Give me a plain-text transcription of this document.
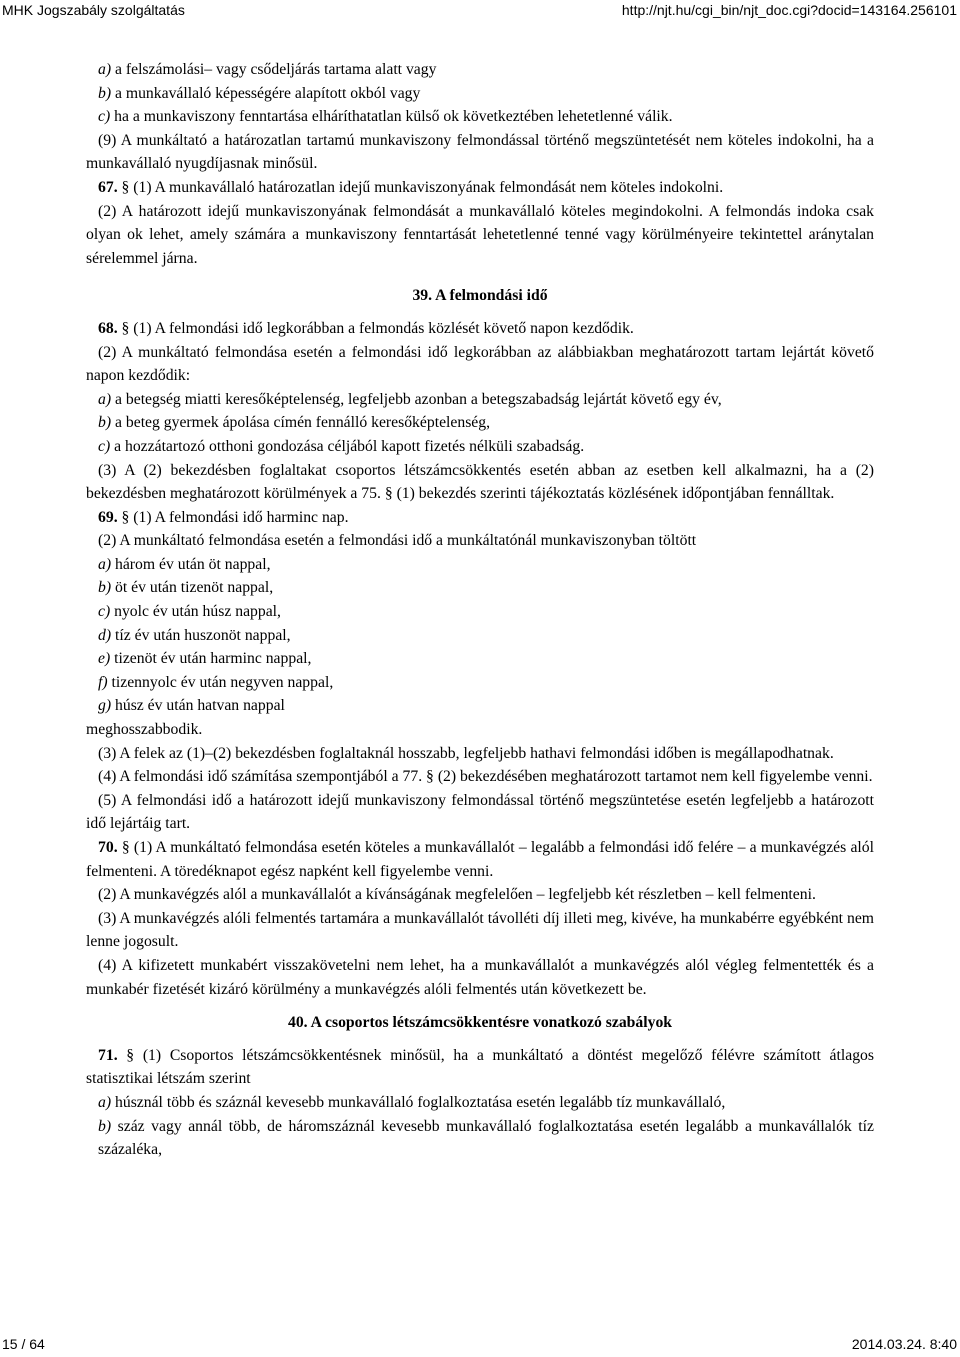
MHK Jogszabály szolgáltatás	http://njt.hu/cgi_bin/njt_doc.cgi?docid=143164.256101

a) a felszámolási– vagy csődeljárás tartama alatt vagy

b) a munkavállaló képességére alapított okból vagy

c) ha a munkaviszony fenntartása elháríthatatlan külső ok következtében lehetetlenné válik.

(9) A munkáltató a határozatlan tartamú munkaviszony felmondással történő megszüntetését nem köteles indokolni, ha a munkavállaló nyugdíjasnak minősül.

67. § (1) A munkavállaló határozatlan idejű munkaviszonyának felmondását nem köteles indokolni.

(2) A határozott idejű munkaviszonyának felmondását a munkavállaló köteles megindokolni. A felmondás indoka csak olyan ok lehet, amely számára a munkaviszony fenntartását lehetetlenné tenné vagy körülményeire tekintettel aránytalan sérelemmel járna.

39. A felmondási idő

68. § (1) A felmondási idő legkorábban a felmondás közlését követő napon kezdődik.

(2) A munkáltató felmondása esetén a felmondási idő legkorábban az alábbiakban meghatározott tartam lejártát követő napon kezdődik:

a) a betegség miatti keresőképtelenség, legfeljebb azonban a betegszabadság lejártát követő egy év,

b) a beteg gyermek ápolása címén fennálló keresőképtelenség,

c) a hozzátartozó otthoni gondozása céljából kapott fizetés nélküli szabadság.

(3) A (2) bekezdésben foglaltakat csoportos létszámcsökkentés esetén abban az esetben kell alkalmazni, ha a (2) bekezdésben meghatározott körülmények a 75. § (1) bekezdés szerinti tájékoztatás közlésének időpontjában fennálltak.

69. § (1) A felmondási idő harminc nap.

(2) A munkáltató felmondása esetén a felmondási idő a munkáltatónál munkaviszonyban töltött

a) három év után öt nappal,

b) öt év után tizenöt nappal,

c) nyolc év után húsz nappal,

d) tíz év után huszonöt nappal,

e) tizenöt év után harminc nappal,

f) tizennyolc év után negyven nappal,

g) húsz év után hatvan nappal

meghosszabbodik.

(3) A felek az (1)–(2) bekezdésben foglaltaknál hosszabb, legfeljebb hathavi felmondási időben is megállapodhatnak.

(4) A felmondási idő számítása szempontjából a 77. § (2) bekezdésében meghatározott tartamot nem kell figyelembe venni.

(5) A felmondási idő a határozott idejű munkaviszony felmondással történő megszüntetése esetén legfeljebb a határozott idő lejártáig tart.

70. § (1) A munkáltató felmondása esetén köteles a munkavállalót – legalább a felmondási idő felére – a munkavégzés alól felmenteni. A töredéknapot egész napként kell figyelembe venni.

(2) A munkavégzés alól a munkavállalót a kívánságának megfelelően – legfeljebb két részletben – kell felmenteni.

(3) A munkavégzés alóli felmentés tartamára a munkavállalót távolléti díj illeti meg, kivéve, ha munkabérre egyébként nem lenne jogosult.

(4) A kifizetett munkabért visszakövetelni nem lehet, ha a munkavállalót a munkavégzés alól végleg felmentették és a munkabér fizetését kizáró körülmény a munkavégzés alóli felmentés után következett be.

40. A csoportos létszámcsökkentésre vonatkozó szabályok

71. § (1) Csoportos létszámcsökkentésnek minősül, ha a munkáltató a döntést megelőző félévre számított átlagos statisztikai létszám szerint

a) húsznál több és száznál kevesebb munkavállaló foglalkoztatása esetén legalább tíz munkavállaló,

b) száz vagy annál több, de háromszáznál kevesebb munkavállaló foglalkoztatása esetén legalább a munkavállalók tíz százaléka,

15 / 64	2014.03.24. 8:40
